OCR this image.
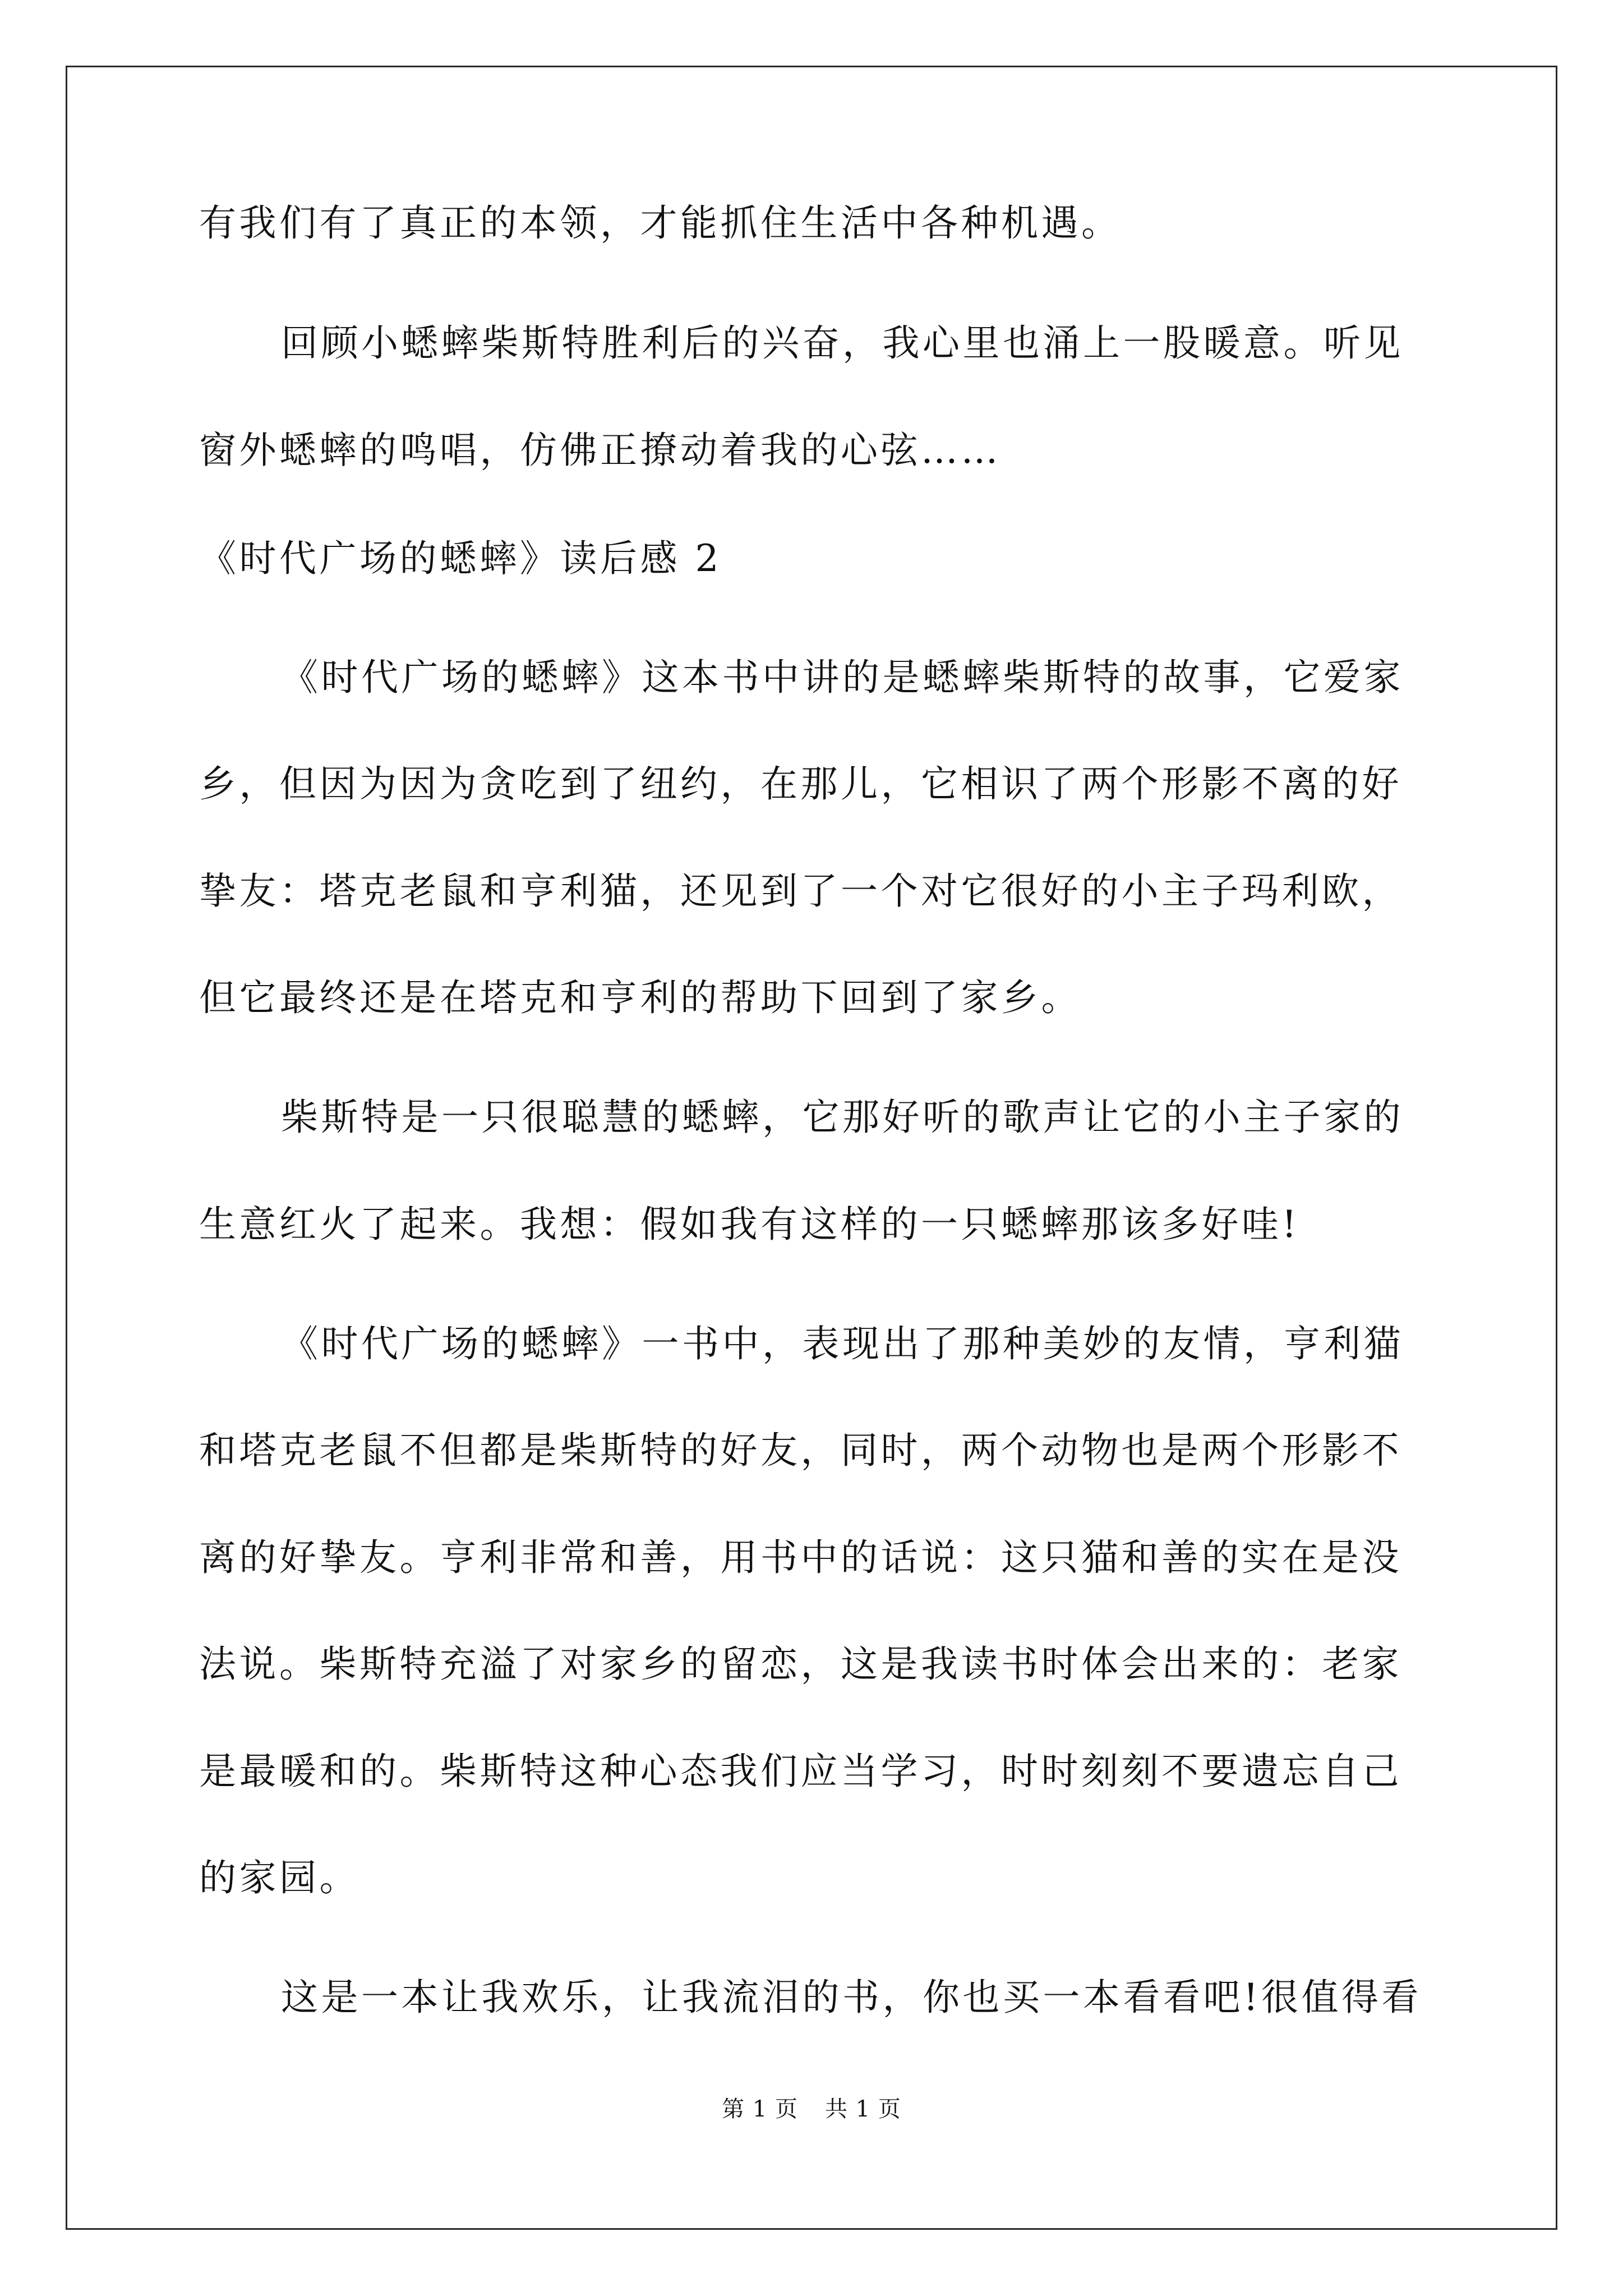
有我们有了真正的本领，才能抓住生活中各种机遇。
回顾小蟋蟀柴斯特胜利后的兴奋，我心里也涌上一股暖意。听见
窗外蟋蟀的鸣唱，仿佛正撩动着我的心弦……
《时代广场的蟋蟀》读后感 2
《时代广场的蟋蟀》这本书中讲的是蟋蟀柴斯特的故事，它爱家
乡，但因为因为贪吃到了纽约，在那儿，它相识了两个形影不离的好
挚友：塔克老鼠和亨利猫，还见到了一个对它很好的小主子玛利欧，
但它最终还是在塔克和亨利的帮助下回到了家乡。
柴斯特是一只很聪慧的蟋蟀，它那好听的歌声让它的小主子家的
生意红火了起来。我想：假如我有这样的一只蟋蟀那该多好哇!
《时代广场的蟋蟀》一书中，表现出了那种美妙的友情，亨利猫
和塔克老鼠不但都是柴斯特的好友，同时，两个动物也是两个形影不
离的好挚友。亨利非常和善，用书中的话说：这只猫和善的实在是没
法说。柴斯特充溢了对家乡的留恋，这是我读书时体会出来的：老家
是最暖和的。柴斯特这种心态我们应当学习，时时刻刻不要遗忘自己
的家园。
这是一本让我欢乐，让我流泪的书，你也买一本看看吧!很值得看
第 1 页 共 1 页
